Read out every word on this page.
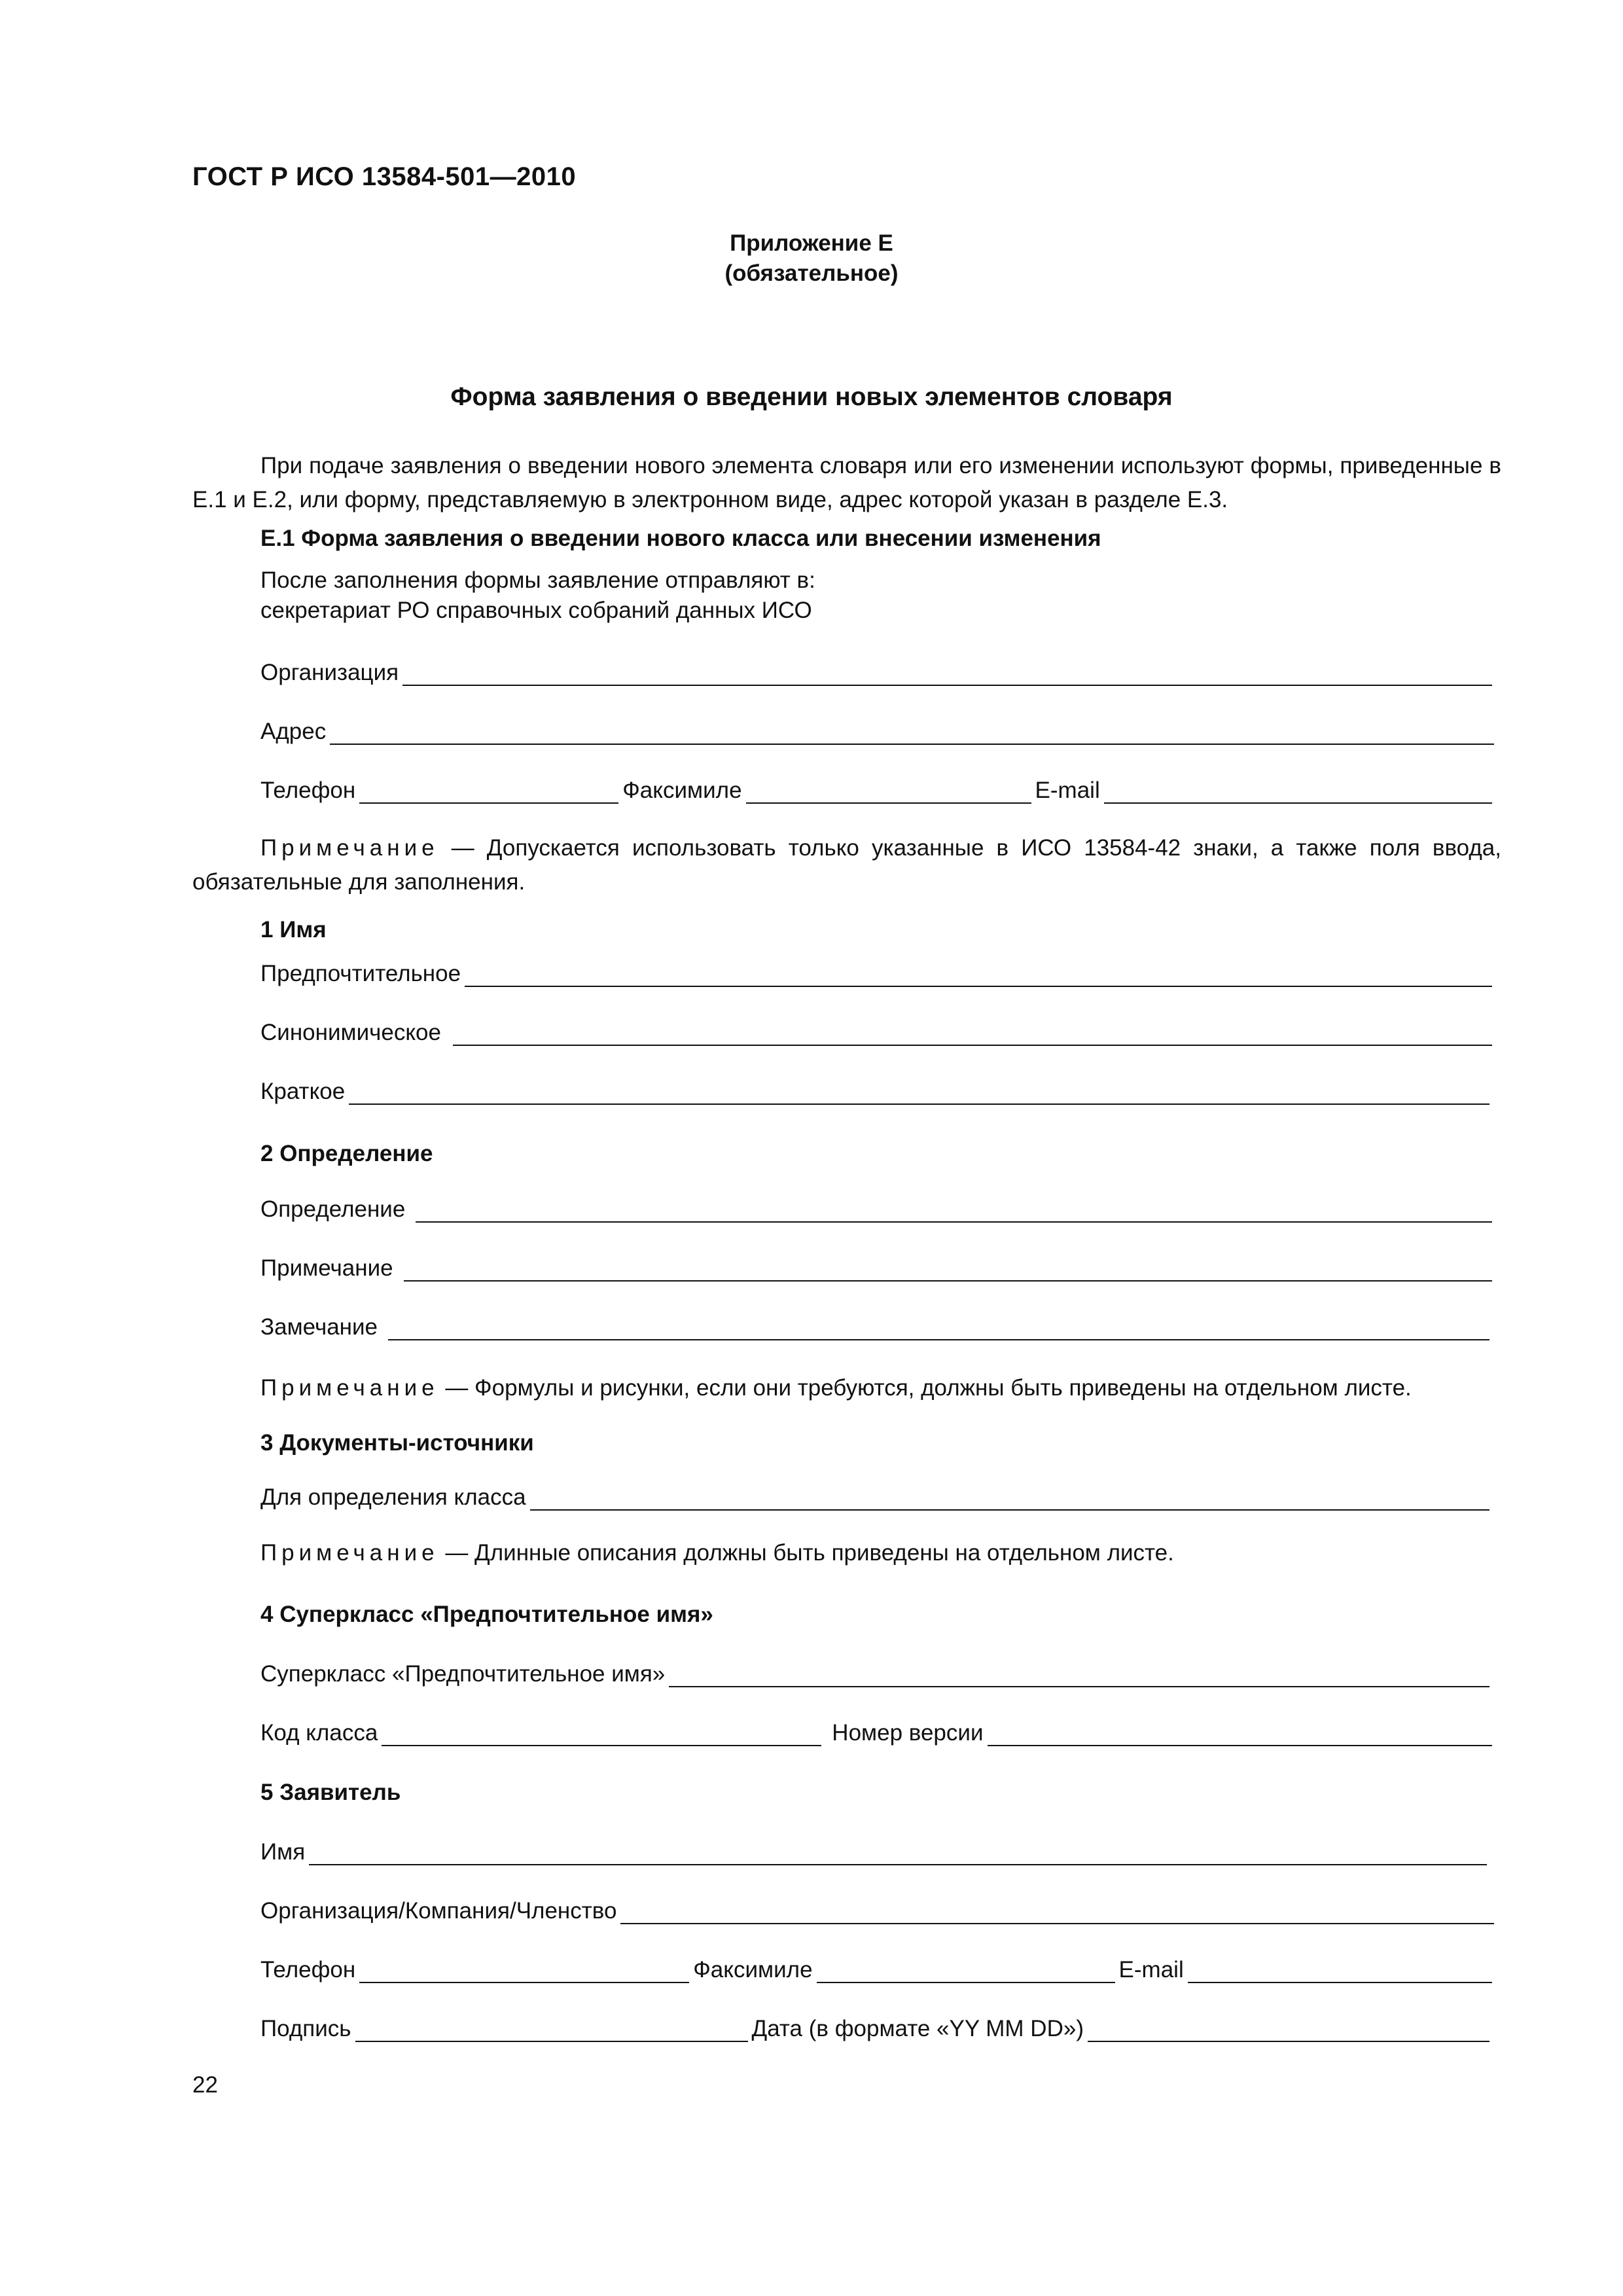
ГОСТ Р ИСО 13584-501—2010
Приложение Е
(обязательное)
Форма заявления о введении новых элементов словаря
При подаче заявления о введении нового элемента словаря или его изменении используют формы, приведенные в Е.1 и Е.2, или форму, представляемую в электронном виде, адрес которой указан в разделе Е.3.
Е.1 Форма заявления о введении нового класса или внесении изменения
После заполнения формы заявление отправляют в:
секретариат РО справочных собраний данных ИСО
Организация
Адрес
Телефон	Факсимиле	E-mail
Примечание — Допускается использовать только указанные в ИСО 13584-42 знаки, а также поля ввода, обязательные для заполнения.
1 Имя
Предпочтительное
Синонимическое
Краткое
2 Определение
Определение
Примечание
Замечание
Примечание — Формулы и рисунки, если они требуются, должны быть приведены на отдельном листе.
3 Документы-источники
Для определения класса
Примечание — Длинные описания должны быть приведены на отдельном листе.
4 Суперкласс «Предпочтительное имя»
Суперкласс «Предпочтительное имя»
Код класса	Номер версии
5 Заявитель
Имя
Организация/Компания/Членство
Телефон	Факсимиле	E-mail
Подпись	Дата (в формате «YY MM DD»)
22
